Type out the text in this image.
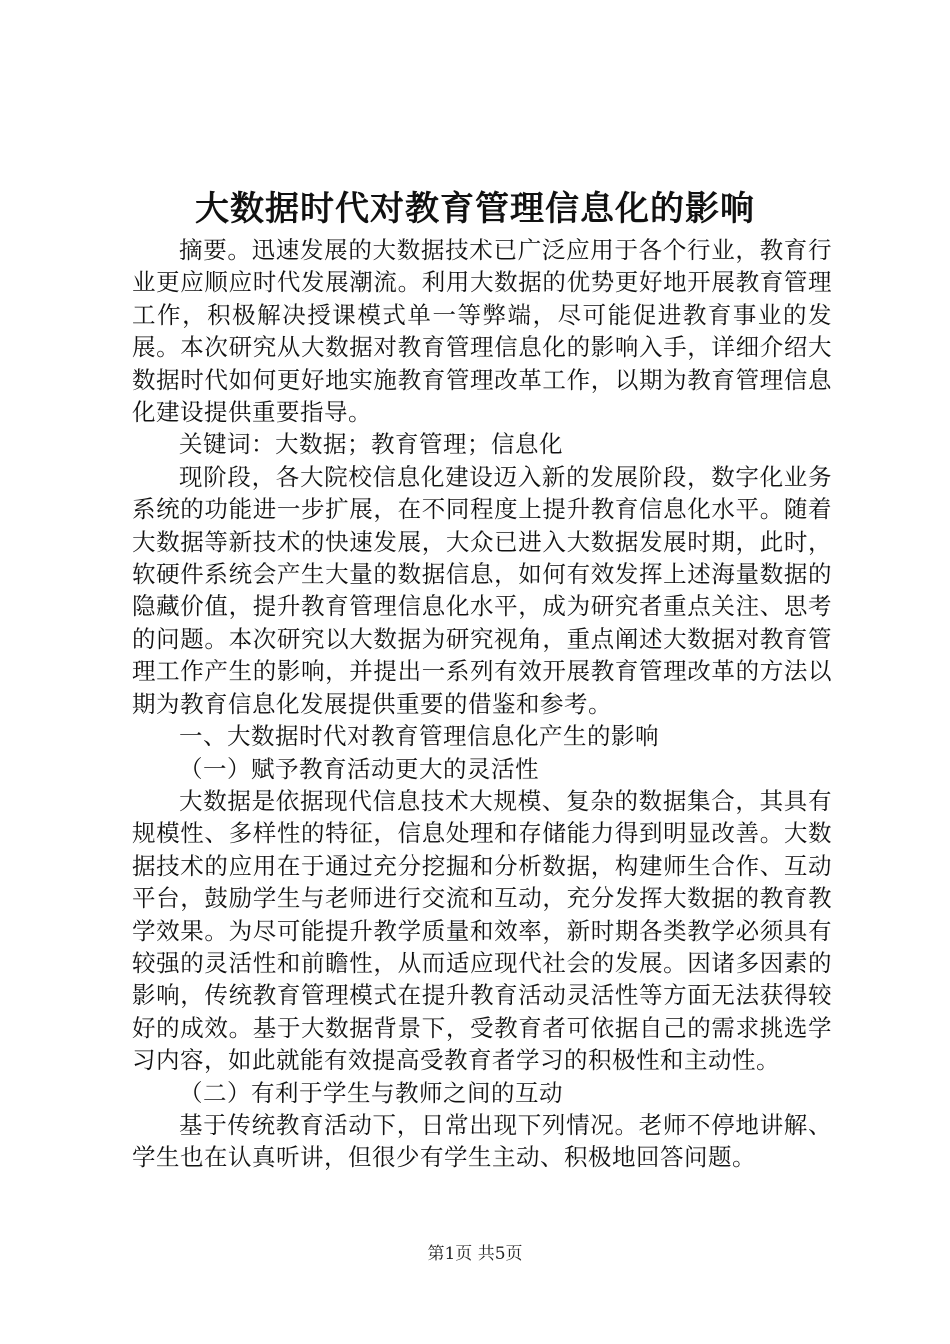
大数据时代对教育管理信息化的影响

摘要。迅速发展的大数据技术已广泛应用于各个行业，教育行业更应顺应时代发展潮流。利用大数据的优势更好地开展教育管理工作，积极解决授课模式单一等弊端，尽可能促进教育事业的发展。本次研究从大数据对教育管理信息化的影响入手，详细介绍大数据时代如何更好地实施教育管理改革工作，以期为教育管理信息化建设提供重要指导。

关键词：大数据；教育管理；信息化

现阶段，各大院校信息化建设迈入新的发展阶段，数字化业务系统的功能进一步扩展，在不同程度上提升教育信息化水平。随着大数据等新技术的快速发展，大众已进入大数据发展时期，此时，软硬件系统会产生大量的数据信息，如何有效发挥上述海量数据的隐藏价值，提升教育管理信息化水平，成为研究者重点关注、思考的问题。本次研究以大数据为研究视角，重点阐述大数据对教育管理工作产生的影响，并提出一系列有效开展教育管理改革的方法以期为教育信息化发展提供重要的借鉴和参考。

一、大数据时代对教育管理信息化产生的影响

（一）赋予教育活动更大的灵活性

大数据是依据现代信息技术大规模、复杂的数据集合，其具有规模性、多样性的特征，信息处理和存储能力得到明显改善。大数据技术的应用在于通过充分挖掘和分析数据，构建师生合作、互动平台，鼓励学生与老师进行交流和互动，充分发挥大数据的教育教学效果。为尽可能提升教学质量和效率，新时期各类教学必须具有较强的灵活性和前瞻性，从而适应现代社会的发展。因诸多因素的影响，传统教育管理模式在提升教育活动灵活性等方面无法获得较好的成效。基于大数据背景下，受教育者可依据自己的需求挑选学习内容，如此就能有效提高受教育者学习的积极性和主动性。

（二）有利于学生与教师之间的互动

基于传统教育活动下，日常出现下列情况。老师不停地讲解、学生也在认真听讲，但很少有学生主动、积极地回答问题。

第1页 共5页
